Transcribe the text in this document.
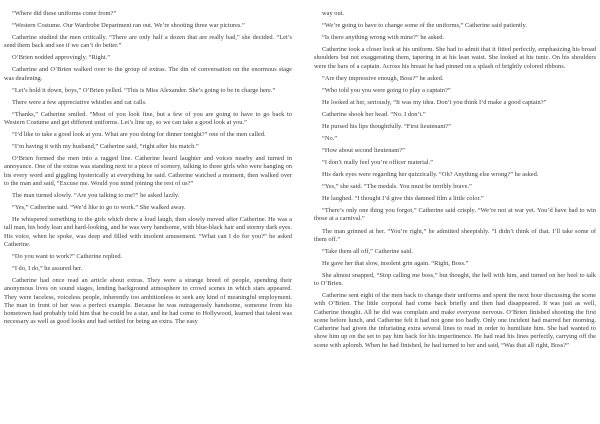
“Where did these uniforms come from?”

“Western Costume. Our Wardrobe Department ran out. We’re shooting three war pictures.”

Catherine studied the men critically. “There are only half a dozen that are really bad,” she decided. “Let’s send them back and see if we can’t do better.”

O’Brien nodded approvingly. “Right.”

Catherine and O’Brien walked over to the group of extras. The din of conversation on the enormous stage was deafening.

“Let’s hold it down, boys,” O’Brien yelled. “This is Miss Alexander. She’s going to be in charge here.”

There were a few appreciative whistles and cat calls.

“Thanks,” Catherine smiled. “Most of you look fine, but a few of you are going to have to go back to Western Costume and get different uniforms. Let’s line up, so we can take a good look at you.”

“I’d like to take a good look at you. What are you doing for dinner tonight?” one of the men called.

“I’m having it with my husband,” Catherine said, “right after his match.”

O’Brien formed the men into a ragged line. Catherine heard laughter and voices nearby and turned in annoyance. One of the extras was standing next to a piece of scenery, talking to three girls who were hanging on his every word and giggling hysterically at everything he said. Catherine watched a moment, then walked over to the man and said, “Excuse me. Would you mind joining the rest of us?”

The man turned slowly. “Are you talking to me?” he asked lazily.

“Yes,” Catherine said. “We’d like to go to work.” She walked away.

He whispered something to the girls which drew a loud laugh, then slowly moved after Catherine. He was a tall man, his body lean and hard-looking, and he was very handsome, with blue-black hair and stormy dark eyes. His voice, when he spoke, was deep and filled with insolent amusement. “What can I do for you?” he asked Catherine.

“Do you want to work?” Catherine replied.

“I do, I do,” he assured her.

Catherine had once read an article about extras. They were a strange breed of people, spending their anonymous lives on sound stages, lending background atmosphere to crowd scenes in which stars appeared. They were faceless, voiceless people, inherently too ambitionless to seek any kind of meaningful employment. The man in front of her was a perfect example. Because he was outrageously handsome, someone from his hometown had probably told him that he could be a star, and he had come to Hollywood, learned that talent was necessary as well as good looks and had settled for being an extra. The easy

way out.

“We’re going to have to change some of the uniforms,” Catherine said patiently.

“Is there anything wrong with mine?” he asked.

Catherine took a closer look at his uniform. She had to admit that it fitted perfectly, emphasizing his broad shoulders but not exaggerating them, tapering in at his lean waist. She looked at his tunic. On his shoulders were the bars of a captain. Across his breast he had pinned on a splash of brightly colored ribbons.

“Are they impressive enough, Boss?” he asked.

“Who told you you were going to play a captain?”

He looked at her, seriously, “It was my idea. Don’t you think I’d make a good captain?”

Catherine shook her head. “No. I don’t.”

He pursed his lips thoughtfully. “First lieutenant?”

“No.”

“How about second lieutenant?”

“I don’t really feel you’re officer material.”

His dark eyes were regarding her quizzically. “Oh? Anything else wrong?” he asked.

“Yes,” she said. “The medals. You must be terribly brave.”

He laughed. “I thought I’d give this damned film a little color.”

“There’s only one thing you forgot,” Catherine said crisply. “We’re not at war yet. You’d have had to win those at a carnival.”

The man grinned at her. “You’re right,” he admitted sheepishly. “I didn’t think of that. I’ll take some of them off.”

“Take them all off,” Catherine said.

He gave her that slow, insolent grin again. “Right, Boss.”

She almost snapped, “Stop calling me boss,” but thought, the hell with him, and turned on her heel to talk to O’Brien.

Catherine sent eight of the men back to change their uniforms and spent the next hour discussing the scene with O’Brien. The little corporal had come back briefly and then had disappeared. It was just as well, Catherine thought. All he did was complain and make everyone nervous. O’Brien finished shooting the first scene before lunch, and Catherine felt it had not gone too badly. Only one incident had marred her morning. Catherine had given the infuriating extra several lines to read in order to humiliate him. She had wanted to show him up on the set to pay him back for his impertinence. He had read his lines perfectly, carrying off the scene with aplomb. When he had finished, he had turned to her and said, “Was that all right, Boss?”
